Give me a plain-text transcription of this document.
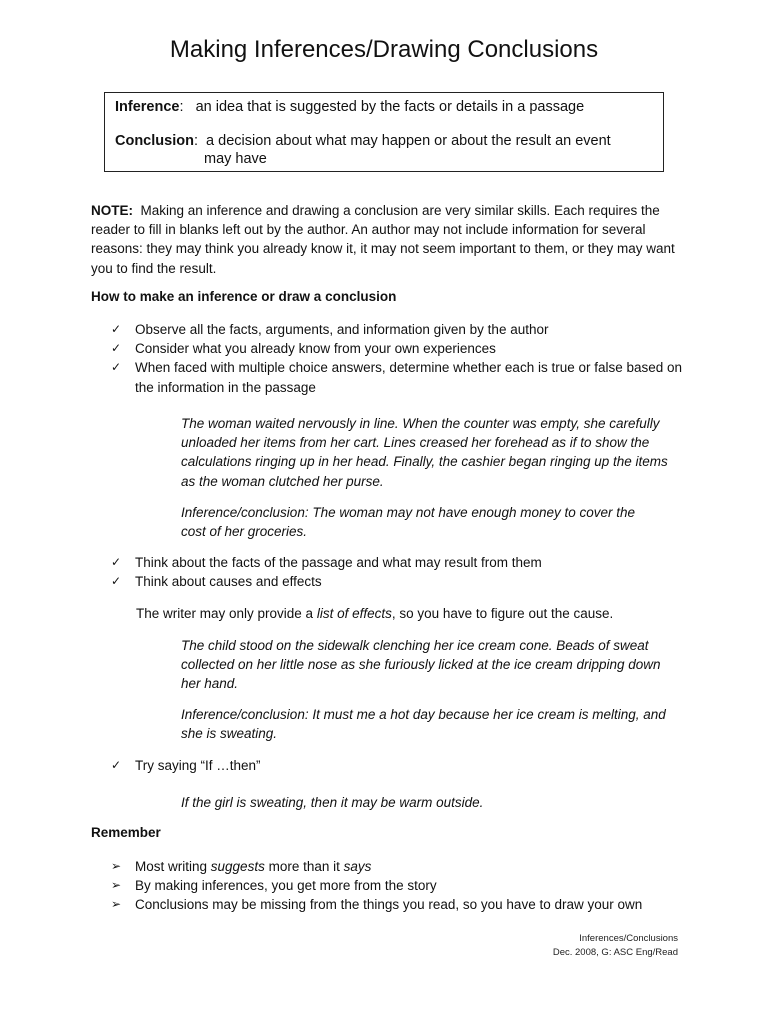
Making Inferences/Drawing Conclusions
Inference:   an idea that is suggested by the facts or details in a passage
Conclusion:  a decision about what may happen or about the result an event
may have
NOTE: Making an inference and drawing a conclusion are very similar skills. Each requires the reader to fill in blanks left out by the author. An author may not include information for several reasons: they may think you already know it, it may not seem important to them, or they may want you to find the result.
How to make an inference or draw a conclusion
✓ Observe all the facts, arguments, and information given by the author
✓ Consider what you already know from your own experiences
✓ When faced with multiple choice answers, determine whether each is true or false based on the information in the passage
The woman waited nervously in line. When the counter was empty, she carefully unloaded her items from her cart. Lines creased her forehead as if to show the calculations ringing up in her head. Finally, the cashier began ringing up the items as the woman clutched her purse.
Inference/conclusion: The woman may not have enough money to cover the cost of her groceries.
✓ Think about the facts of the passage and what may result from them
✓ Think about causes and effects
The writer may only provide a list of effects, so you have to figure out the cause.
The child stood on the sidewalk clenching her ice cream cone. Beads of sweat collected on her little nose as she furiously licked at the ice cream dripping down her hand.
Inference/conclusion: It must me a hot day because her ice cream is melting, and she is sweating.
✓ Try saying “If …then”
If the girl is sweating, then it may be warm outside.
Remember
➢ Most writing suggests more than it says
➢ By making inferences, you get more from the story
➢ Conclusions may be missing from the things you read, so you have to draw your own
Inferences/Conclusions
Dec. 2008, G: ASC Eng/Read
